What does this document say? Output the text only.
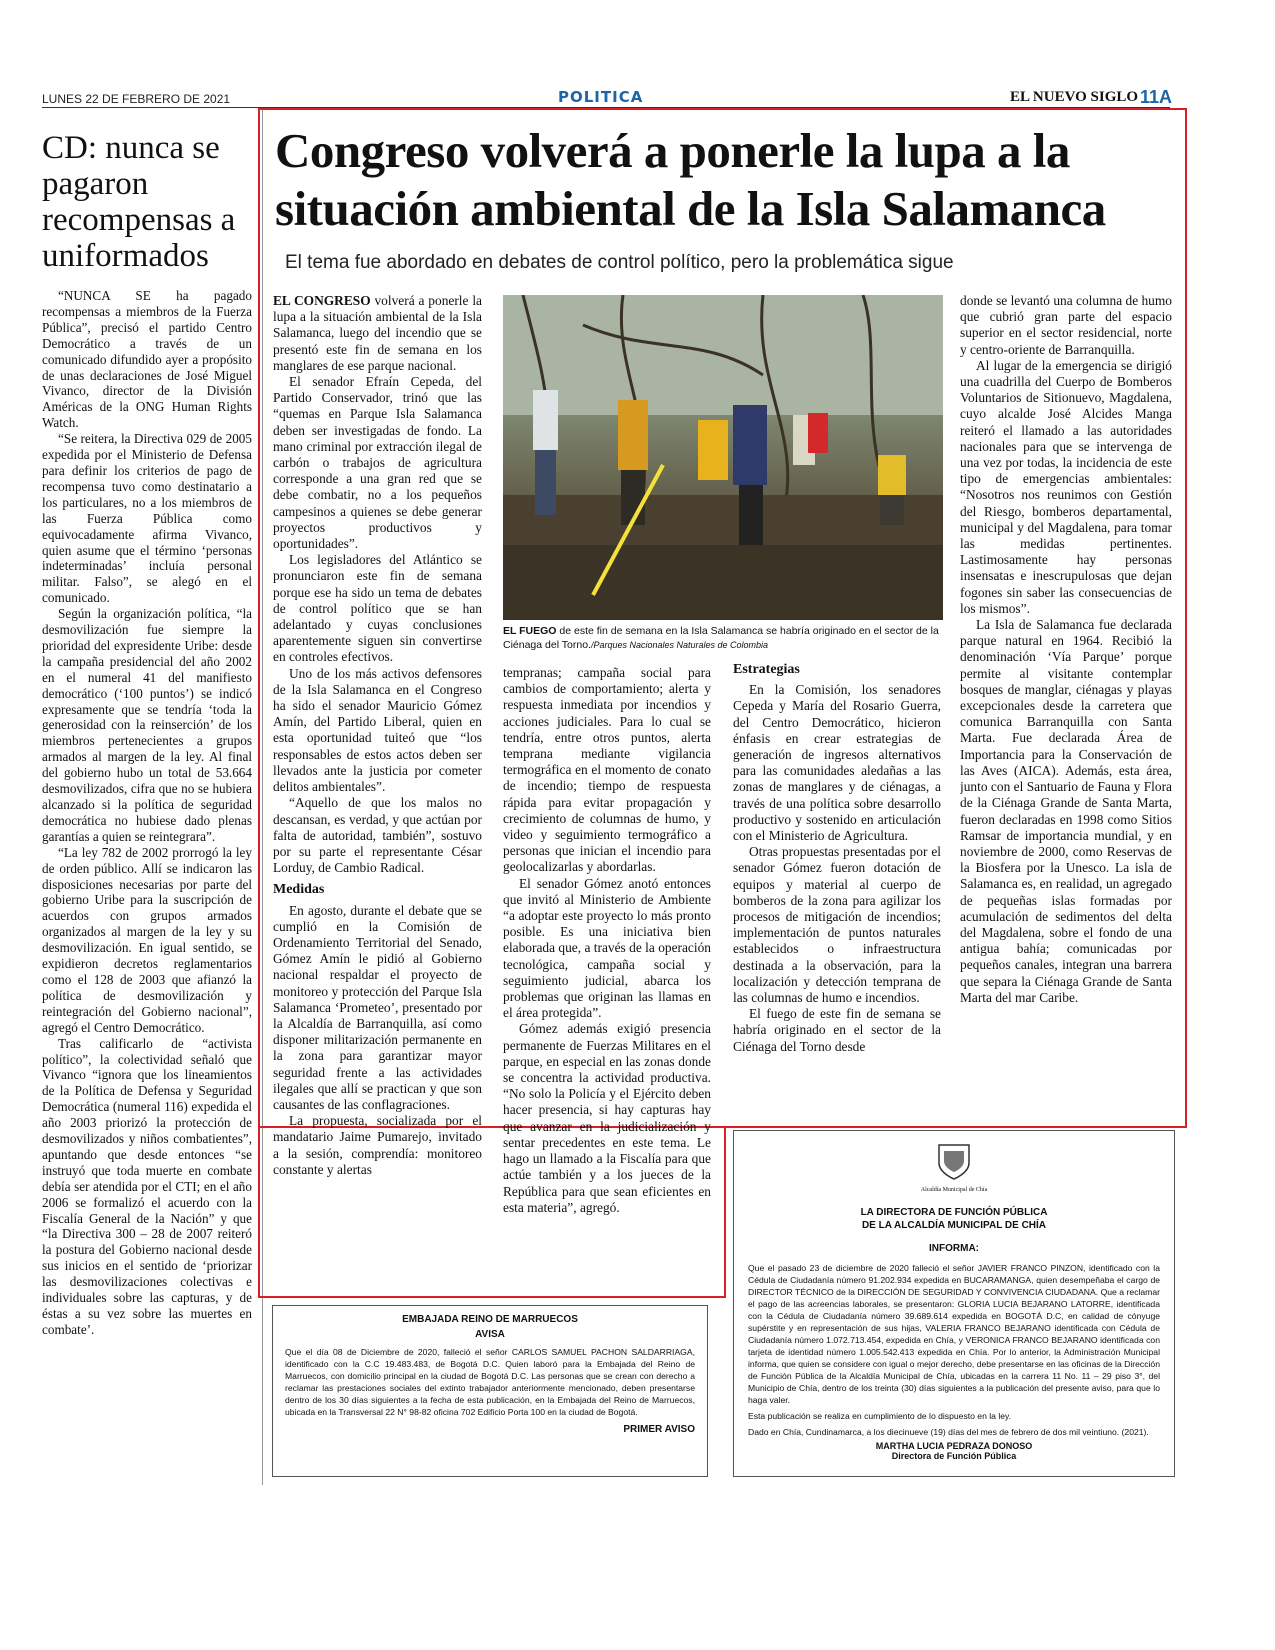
LUNES 22 DE FEBRERO DE 2021	POLITICA	EL NUEVO SIGLO 11A
CD: nunca se pagaron recompensas a uniformados

“NUNCA SE ha pagado recompensas a miembros de la Fuerza Pública”, precisó el partido Centro Democrático a través de un comunicado difundido ayer a propósito de unas declaraciones de José Miguel Vivanco, director de la División Américas de la ONG Human Rights Watch.

“Se reitera, la Directiva 029 de 2005 expedida por el Ministerio de Defensa para definir los criterios de pago de recompensa tuvo como destinatario a los particulares, no a los miembros de las Fuerza Pública como equivocadamente afirma Vivanco, quien asume que el término ‘personas indeterminadas’ incluía personal militar. Falso”, se alegó en el comunicado.

Según la organización política, “la desmovilización fue siempre la prioridad del expresidente Uribe: desde la campaña presidencial del año 2002 en el numeral 41 del manifiesto democrático (‘100 puntos’) se indicó expresamente que se tendría ‘toda la generosidad con la reinserción’ de los miembros pertenecientes a grupos armados al margen de la ley. Al final del gobierno hubo un total de 53.664 desmovilizados, cifra que no se hubiera alcanzado si la política de seguridad democrática no hubiese dado plenas garantías a quien se reintegrara”.

“La ley 782 de 2002 prorrogó la ley de orden público. Allí se indicaron las disposiciones necesarias por parte del gobierno Uribe para la suscripción de acuerdos con grupos armados organizados al margen de la ley y su desmovilización. En igual sentido, se expidieron decretos reglamentarios como el 128 de 2003 que afianzó la política de desmovilización y reintegración del Gobierno nacional”, agregó el Centro Democrático.

Tras calificarlo de “activista político”, la colectividad señaló que Vivanco “ignora que los lineamientos de la Política de Defensa y Seguridad Democrática (numeral 116) expedida el año 2003 priorizó la protección de desmovilizados y niños combatientes”, apuntando que desde entonces “se instruyó que toda muerte en combate debía ser atendida por el CTI; en el año 2006 se formalizó el acuerdo con la Fiscalía General de la Nación” y que “la Directiva 300 – 28 de 2007 reiteró la postura del Gobierno nacional desde sus inicios en el sentido de ‘priorizar las desmovilizaciones colectivas e individuales sobre las capturas, y de éstas a su vez sobre las muertes en combate’.

Congreso volverá a ponerle la lupa a la situación ambiental de la Isla Salamanca
El tema fue abordado en debates de control político, pero la problemática sigue

EL CONGRESO volverá a ponerle la lupa a la situación ambiental de la Isla Salamanca, luego del incendio que se presentó este fin de semana en los manglares de ese parque nacional.

El senador Efraín Cepeda, del Partido Conservador, trinó que las “quemas en Parque Isla Salamanca deben ser investigadas de fondo. La mano criminal por extracción ilegal de carbón o trabajos de agricultura corresponde a una gran red que se debe combatir, no a los pequeños campesinos a quienes se debe generar proyectos productivos y oportunidades”.

Los legisladores del Atlántico se pronunciaron este fin de semana porque ese ha sido un tema de debates de control político que se han adelantado y cuyas conclusiones aparentemente siguen sin convertirse en controles efectivos.

Uno de los más activos defensores de la Isla Salamanca en el Congreso ha sido el senador Mauricio Gómez Amín, del Partido Liberal, quien en esta oportunidad tuiteó que “los responsables de estos actos deben ser llevados ante la justicia por cometer delitos ambientales”.

“Aquello de que los malos no descansan, es verdad, y que actúan por falta de autoridad, también”, sostuvo por su parte el representante César Lorduy, de Cambio Radical.

Medidas

En agosto, durante el debate que se cumplió en la Comisión de Ordenamiento Territorial del Senado, Gómez Amín le pidió al Gobierno nacional respaldar el proyecto de monitoreo y protección del Parque Isla Salamanca ‘Prometeo’, presentado por la Alcaldía de Barranquilla, así como disponer militarización permanente en la zona para garantizar mayor seguridad frente a las actividades ilegales que allí se practican y que son causantes de las conflagraciones.

La propuesta, socializada por el mandatario Jaime Pumarejo, invitado a la sesión, comprendía: monitoreo constante y alertas

EL FUEGO de este fin de semana en la Isla Salamanca se habría originado en el sector de la Ciénaga del Torno./Parques Nacionales Naturales de Colombia

tempranas; campaña social para cambios de comportamiento; alerta y respuesta inmediata por incendios y acciones judiciales. Para lo cual se tendría, entre otros puntos, alerta temprana mediante vigilancia termográfica en el momento de conato de incendio; tiempo de respuesta rápida para evitar propagación y crecimiento de columnas de humo, y video y seguimiento termográfico a personas que inician el incendio para geolocalizarlas y abordarlas.

El senador Gómez anotó entonces que invitó al Ministerio de Ambiente “a adoptar este proyecto lo más pronto posible. Es una iniciativa bien elaborada que, a través de la operación tecnológica, campaña social y seguimiento judicial, abarca los problemas que originan las llamas en el área protegida”.

Gómez además exigió presencia permanente de Fuerzas Militares en el parque, en especial en las zonas donde se concentra la actividad productiva. “No solo la Policía y el Ejército deben hacer presencia, si hay capturas hay que avanzar en la judicialización y sentar precedentes en este tema. Le hago un llamado a la Fiscalía para que actúe también y a los jueces de la República para que sean eficientes en esta materia”, agregó.

Estrategias

En la Comisión, los senadores Cepeda y María del Rosario Guerra, del Centro Democrático, hicieron énfasis en crear estrategias de generación de ingresos alternativos para las comunidades aledañas a las zonas de manglares y de ciénagas, a través de una política sobre desarrollo productivo y sostenido en articulación con el Ministerio de Agricultura.

Otras propuestas presentadas por el senador Gómez fueron dotación de equipos y material al cuerpo de bomberos de la zona para agilizar los procesos de mitigación de incendios; implementación de puntos naturales establecidos o infraestructura destinada a la observación, para la localización y detección temprana de las columnas de humo e incendios.

El fuego de este fin de semana se habría originado en el sector de la Ciénaga del Torno desde

donde se levantó una columna de humo que cubrió gran parte del espacio superior en el sector residencial, norte y centro-oriente de Barranquilla.

Al lugar de la emergencia se dirigió una cuadrilla del Cuerpo de Bomberos Voluntarios de Sitionuevo, Magdalena, cuyo alcalde José Alcides Manga reiteró el llamado a las autoridades nacionales para que se intervenga de una vez por todas, la incidencia de este tipo de emergencias ambientales: “Nosotros nos reunimos con Gestión del Riesgo, bomberos departamental, municipal y del Magdalena, para tomar las medidas pertinentes. Lastimosamente hay personas insensatas e inescrupulosas que dejan fogones sin saber las consecuencias de los mismos”.

La Isla de Salamanca fue declarada parque natural en 1964. Recibió la denominación ‘Vía Parque’ porque permite al visitante contemplar bosques de manglar, ciénagas y playas excepcionales desde la carretera que comunica Barranquilla con Santa Marta. Fue declarada Área de Importancia para la Conservación de las Aves (AICA). Además, esta área, junto con el Santuario de Fauna y Flora de la Ciénaga Grande de Santa Marta, fueron declaradas en 1998 como Sitios Ramsar de importancia mundial, y en noviembre de 2000, como Reservas de la Biosfera por la Unesco. La isla de Salamanca es, en realidad, un agregado de pequeñas islas formadas por acumulación de sedimentos del delta del Magdalena, sobre el fondo de una antigua bahía; comunicadas por pequeños canales, integran una barrera que separa la Ciénaga Grande de Santa Marta del mar Caribe.

EMBAJADA REINO DE MARRUECOS
AVISA
Que el día 08 de Diciembre de 2020, falleció el señor CARLOS SAMUEL PACHON SALDARRIAGA, identificado con la C.C 19.483.483, de Bogotá D.C. Quien laboró para la Embajada del Reino de Marruecos, con domicilio principal en la ciudad de Bogotá D.C. Las personas que se crean con derecho a reclamar las prestaciones sociales del extinto trabajador anteriormente mencionado, deben presentarse dentro de los 30 días siguientes a la fecha de esta publicación, en la Embajada del Reino de Marruecos, ubicada en la Transversal 22 N° 98-82 oficina 702 Edificio Porta 100 en la ciudad de Bogotá.
PRIMER AVISO
Alcaldía Municipal de Chía
LA DIRECTORA DE FUNCIÓN PÚBLICA
DE LA ALCALDÍA MUNICIPAL DE CHÍA
INFORMA:
Que el pasado 23 de diciembre de 2020 falleció el señor JAVIER FRANCO PINZON, identificado con la Cédula de Ciudadanía número 91.202.934 expedida en BUCARAMANGA, quien desempeñaba el cargo de DIRECTOR TÉCNICO de la DIRECCIÓN DE SEGURIDAD Y CONVIVENCIA CIUDADANA. Que a reclamar el pago de las acreencias laborales, se presentaron: GLORIA LUCIA BEJARANO LATORRE, identificada con la Cédula de Ciudadanía número 39.689.614 expedida en BOGOTÁ D.C, en calidad de cónyuge supérstite y en representación de sus hijas, VALERIA FRANCO BEJARANO identificada con Cédula de Ciudadanía número 1.072.713.454, expedida en Chía, y VERONICA FRANCO BEJARANO identificada con tarjeta de identidad número 1.005.542.413 expedida en Chía. Por lo anterior, la Administración Municipal informa, que quien se considere con igual o mejor derecho, debe presentarse en las oficinas de la Dirección de Función Pública de la Alcaldía Municipal de Chía, ubicadas en la carrera 11 No. 11 – 29 piso 3°, del Municipio de Chía, dentro de los treinta (30) días siguientes a la publicación del presente aviso, para que lo haga valer.
Esta publicación se realiza en cumplimiento de lo dispuesto en la ley.
Dado en Chía, Cundinamarca, a los diecinueve (19) días del mes de febrero de dos mil veintiuno. (2021).
MARTHA LUCIA PEDRAZA DONOSO
Directora de Función Pública
